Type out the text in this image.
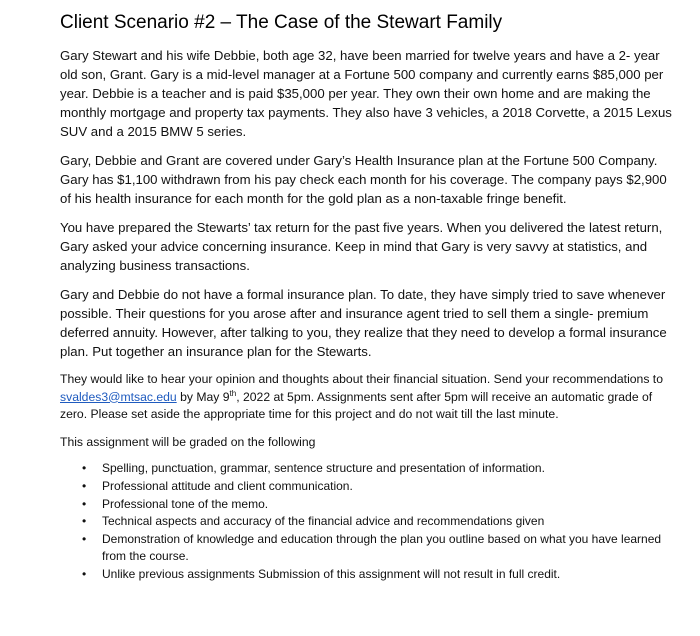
Client Scenario #2 – The Case of the Stewart Family

Gary Stewart and his wife Debbie, both age 32, have been married for twelve years and have a 2- year old son, Grant. Gary is a mid-level manager at a Fortune 500 company and currently earns $85,000 per year. Debbie is a teacher and is paid $35,000 per year. They own their own home and are making the monthly mortgage and property tax payments. They also have 3 vehicles, a 2018 Corvette, a 2015 Lexus SUV and a 2015 BMW 5 series.

Gary, Debbie and Grant are covered under Gary’s Health Insurance plan at the Fortune 500 Company. Gary has $1,100 withdrawn from his pay check each month for his coverage. The company pays $2,900 of his health insurance for each month for the gold plan as a non-taxable fringe benefit.

You have prepared the Stewarts’ tax return for the past five years. When you delivered the latest return, Gary asked your advice concerning insurance. Keep in mind that Gary is very savvy at statistics, and analyzing business transactions.

Gary and Debbie do not have a formal insurance plan. To date, they have simply tried to save whenever possible. Their questions for you arose after and insurance agent tried to sell them a single- premium deferred annuity. However, after talking to you, they realize that they need to develop a formal insurance plan. Put together an insurance plan for the Stewarts.

They would like to hear your opinion and thoughts about their financial situation. Send your recommendations to svaldes3@mtsac.edu by May 9th, 2022 at 5pm. Assignments sent after 5pm will receive an automatic grade of zero. Please set aside the appropriate time for this project and do not wait till the last minute.

This assignment will be graded on the following

• Spelling, punctuation, grammar, sentence structure and presentation of information.
• Professional attitude and client communication.
• Professional tone of the memo.
• Technical aspects and accuracy of the financial advice and recommendations given
• Demonstration of knowledge and education through the plan you outline based on what you have learned from the course.
• Unlike previous assignments Submission of this assignment will not result in full credit.
